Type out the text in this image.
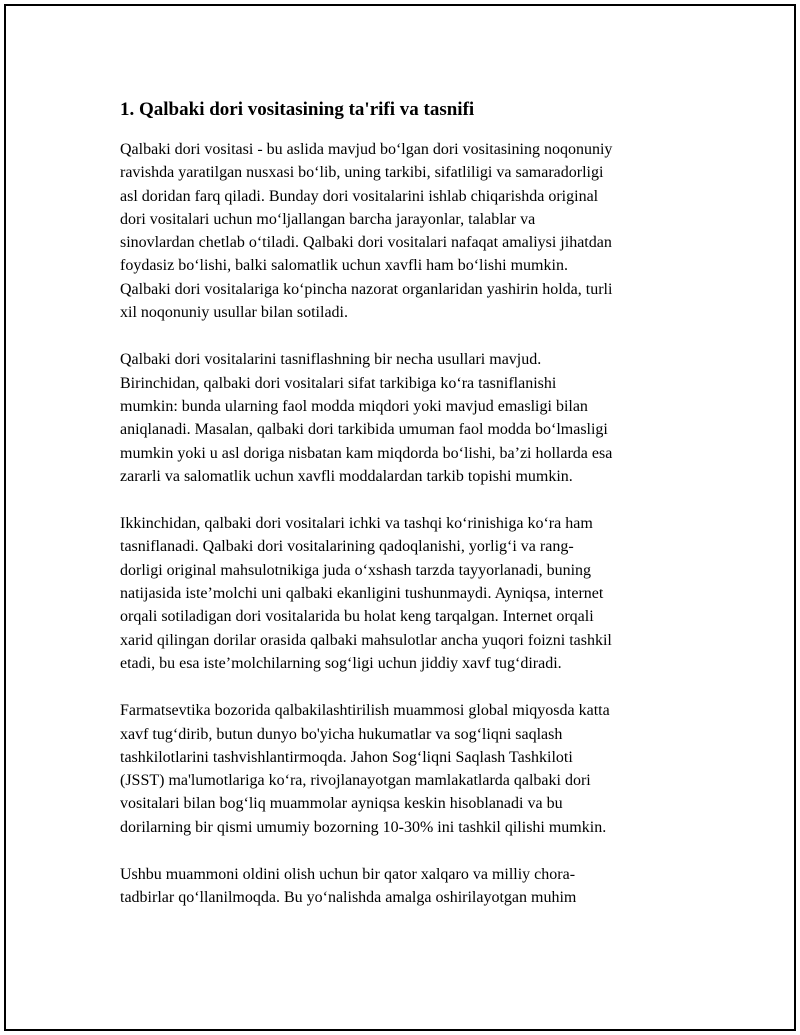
1. Qalbaki dori vositasining ta'rifi va tasnifi

Qalbaki dori vositasi - bu aslida mavjud bo‘lgan dori vositasining noqonuniy
ravishda yaratilgan nusxasi bo‘lib, uning tarkibi, sifatliligi va samaradorligi
asl doridan farq qiladi. Bunday dori vositalarini ishlab chiqarishda original
dori vositalari uchun mo‘ljallangan barcha jarayonlar, talablar va
sinovlardan chetlab o‘tiladi. Qalbaki dori vositalari nafaqat amaliysi jihatdan
foydasiz bo‘lishi, balki salomatlik uchun xavfli ham bo‘lishi mumkin.
Qalbaki dori vositalariga ko‘pincha nazorat organlaridan yashirin holda, turli
xil noqonuniy usullar bilan sotiladi.

Qalbaki dori vositalarini tasniflashning bir necha usullari mavjud.
Birinchidan, qalbaki dori vositalari sifat tarkibiga ko‘ra tasniflanishi
mumkin: bunda ularning faol modda miqdori yoki mavjud emasligi bilan
aniqlanadi. Masalan, qalbaki dori tarkibida umuman faol modda bo‘lmasligi
mumkin yoki u asl doriga nisbatan kam miqdorda bo‘lishi, ba’zi hollarda esa
zararli va salomatlik uchun xavfli moddalardan tarkib topishi mumkin.

Ikkinchidan, qalbaki dori vositalari ichki va tashqi ko‘rinishiga ko‘ra ham
tasniflanadi. Qalbaki dori vositalarining qadoqlanishi, yorlig‘i va rang-
dorligi original mahsulotnikiga juda o‘xshash tarzda tayyorlanadi, buning
natijasida iste’molchi uni qalbaki ekanligini tushunmaydi. Ayniqsa, internet
orqali sotiladigan dori vositalarida bu holat keng tarqalgan. Internet orqali
xarid qilingan dorilar orasida qalbaki mahsulotlar ancha yuqori foizni tashkil
etadi, bu esa iste’molchilarning sog‘ligi uchun jiddiy xavf tug‘diradi.

Farmatsevtika bozorida qalbakilashtirilish muammosi global miqyosda katta
xavf tug‘dirib, butun dunyo bo'yicha hukumatlar va sog‘liqni saqlash
tashkilotlarini tashvishlantirmoqda. Jahon Sog‘liqni Saqlash Tashkiloti
(JSST) ma'lumotlariga ko‘ra, rivojlanayotgan mamlakatlarda qalbaki dori
vositalari bilan bog‘liq muammolar ayniqsa keskin hisoblanadi va bu
dorilarning bir qismi umumiy bozorning 10-30% ini tashkil qilishi mumkin.

Ushbu muammoni oldini olish uchun bir qator xalqaro va milliy chora-
tadbirlar qo‘llanilmoqda. Bu yo‘nalishda amalga oshirilayotgan muhim
